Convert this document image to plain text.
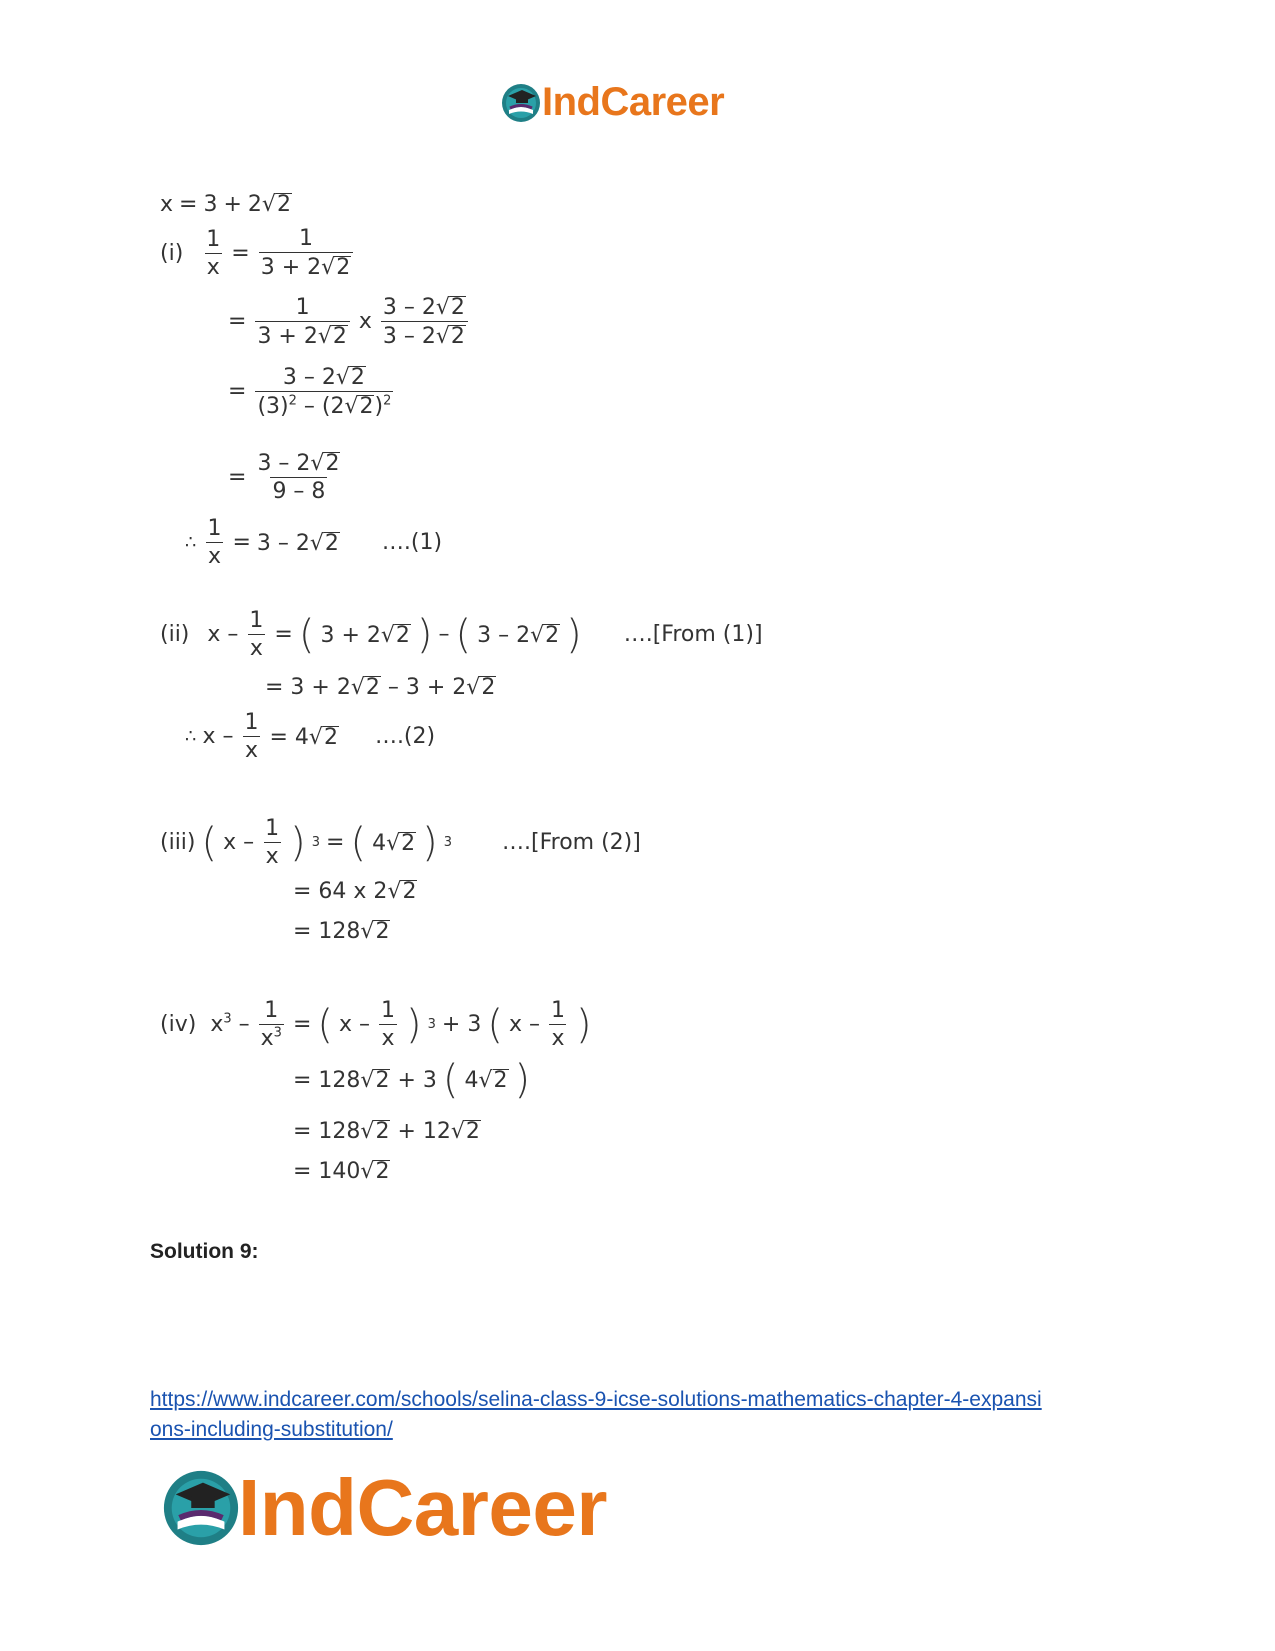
IndCareer
x = 3 + 2√2
$(i) \frac{1}{x} = \frac{1}{3 + 2√2}$
= $\frac{1}{3 + 2√2}$ x $\frac{3 - 2√2}{3 - 2√2}$
= $\frac{3 - 2√2}{(3)^2 - (2√2)^2}$
= $\frac{3 - 2√2}{9 - 8}$
∴ $\frac{1}{x} = 3 - 2√2$ ….(1)
(ii) x – $\frac{1}{x}$ = ( 3 + 2√2 ) – ( 3 – 2√2 ) ….[From (1)]
= 3 + 2√2 – 3 + 2√2
∴ $x - \frac{1}{x} = 4√2$ ….(2)
(iii) ( x – $\frac{1}{x}$ ) 3 = ( 4√2 ) 3 ….[From (2)]
= 64 x 2√2
= 128√2
(iv) $x^3 - \frac{1}{x^3}$ = ( x – $\frac{1}{x}$ ) 3 + 3 ( x – $\frac{1}{x}$ )
= 128√2 + 3 ( 4√2 )
= 128√2 + 12√2
= 140√2
Solution 9:
https://www.indcareer.com/schools/selina-class-9-icse-solutions-mathematics-chapter-4-expansi
ons-including-substitution/
IndCareer
